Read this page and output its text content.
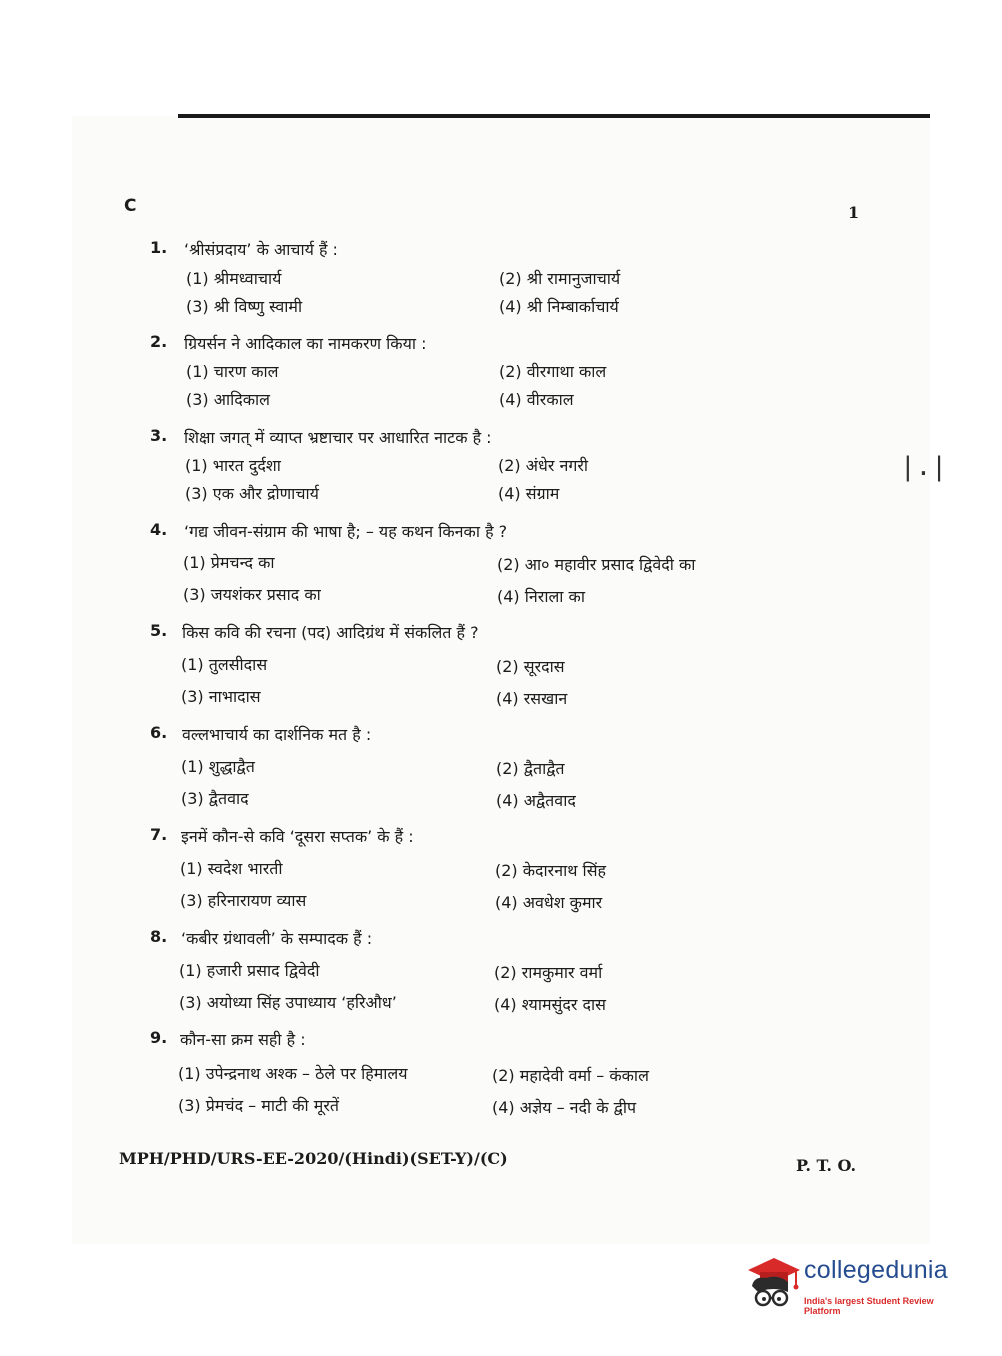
C	1
|.|
1. ‘श्रीसंप्रदाय’ के आचार्य हैं :
(1) श्रीमध्वाचार्य	(2) श्री रामानुजाचार्य
(3) श्री विष्णु स्वामी	(4) श्री निम्बार्काचार्य
2. ग्रियर्सन ने आदिकाल का नामकरण किया :
(1) चारण काल	(2) वीरगाथा काल
(3) आदिकाल	(4) वीरकाल
3. शिक्षा जगत् में व्याप्त भ्रष्टाचार पर आधारित नाटक है :
(1) भारत दुर्दशा	(2) अंधेर नगरी
(3) एक और द्रोणाचार्य	(4) संग्राम
4. ‘गद्य जीवन-संग्राम की भाषा है; – यह कथन किनका है ?
(1) प्रेमचन्द का	(2) आ० महावीर प्रसाद द्विवेदी का
(3) जयशंकर प्रसाद का	(4) निराला का
5. किस कवि की रचना (पद) आदिग्रंथ में संकलित हैं ?
(1) तुलसीदास	(2) सूरदास
(3) नाभादास	(4) रसखान
6. वल्लभाचार्य का दार्शनिक मत है :
(1) शुद्धाद्वैत	(2) द्वैताद्वैत
(3) द्वैतवाद	(4) अद्वैतवाद
7. इनमें कौन-से कवि ‘दूसरा सप्तक’ के हैं :
(1) स्वदेश भारती	(2) केदारनाथ सिंह
(3) हरिनारायण व्यास	(4) अवधेश कुमार
8. ‘कबीर ग्रंथावली’ के सम्पादक हैं :
(1) हजारी प्रसाद द्विवेदी	(2) रामकुमार वर्मा
(3) अयोध्या सिंह उपाध्याय ‘हरिऔध’	(4) श्यामसुंदर दास
9. कौन-सा क्रम सही है :
(1) उपेन्द्रनाथ अश्क – ठेले पर हिमालय	(2) महादेवी वर्मा – कंकाल
(3) प्रेमचंद – माटी की मूरतें	(4) अज्ञेय – नदी के द्वीप
MPH/PHD/URS-EE-2020/(Hindi)(SET-Y)/(C)	P. T. O.
collegedunia
India's largest Student Review Platform
